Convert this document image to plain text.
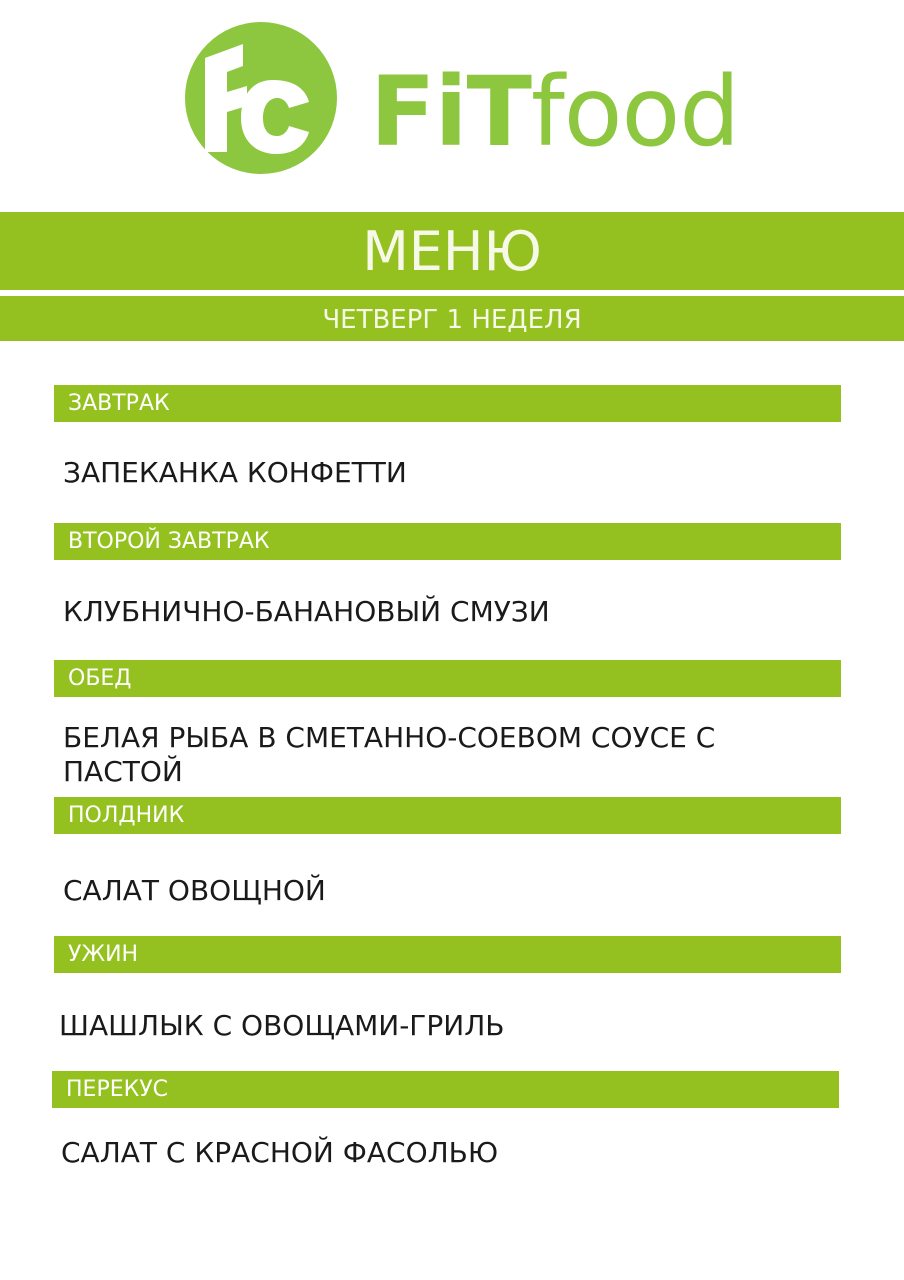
FiTfood
МЕНЮ
ЧЕТВЕРГ 1 НЕДЕЛЯ
ЗАВТРАК
ЗАПЕКАНКА КОНФЕТТИ
ВТОРОЙ ЗАВТРАК
КЛУБНИЧНО-БАНАНОВЫЙ СМУЗИ
ОБЕД
БЕЛАЯ РЫБА В СМЕТАННО-СОЕВОМ СОУСЕ С ПАСТОЙ
ПОЛДНИК
САЛАТ ОВОЩНОЙ
УЖИН
ШАШЛЫК С ОВОЩАМИ-ГРИЛЬ
ПЕРЕКУС
САЛАТ С КРАСНОЙ ФАСОЛЬЮ
